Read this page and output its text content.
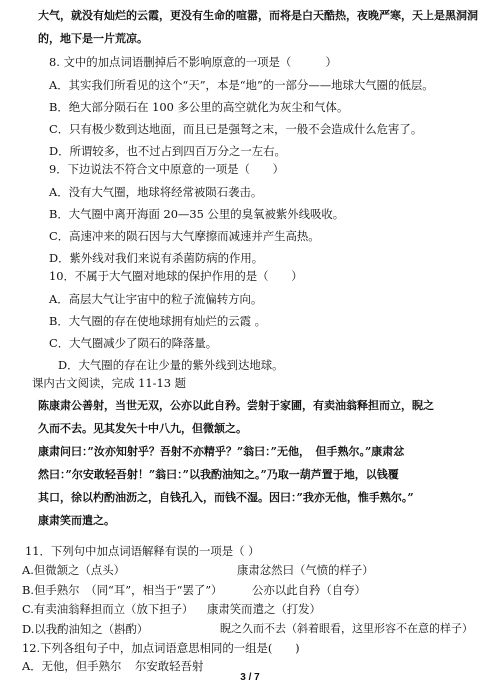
大气，就没有灿烂的云霞，更没有生命的喧嚣，而将是白天酷热，夜晚严寒，天上是黑洞洞
的，地下是一片荒凉。
8. 文中的加点词语删掉后不影响原意的一项是（　　　）
A．其实我们所看见的这个“天”，本是“地”的一部分——地球大气圈的低层。
B．绝大部分陨石在 100 多公里的高空就化为灰尘和气体。
C．只有极少数到达地面，而且已是强弩之末，一般不会造成什么危害了。
D．所谓较多，也不过占到四百万分之一左右。
9．下边说法不符合文中原意的一项是（　　）
A．没有大气圈，地球将经常被陨石袭击。
B．大气圈中离开海面 20—35 公里的臭氧被紫外线吸收。
C．高速冲来的陨石因与大气摩擦而减速并产生高热。
D．紫外线对我们来说有杀菌防病的作用。
10．不属于大气圈对地球的保护作用的是（　　）
A．高层大气让宇宙中的粒子流偏转方向。
B．大气圈的存在使地球拥有灿烂的云霞 。
C．大气圈减少了陨石的降落量。
D．大气圈的存在让少量的紫外线到达地球。
课内古文阅读，完成 11-13 题
陈康肃公善射，当世无双，公亦以此自矜。尝射于家圃，有卖油翁释担而立，睨之
久而不去。见其发矢十中八九，但微颔之。
康肃问曰：”汝亦知射乎？吾射不亦精乎？”翁曰：”无他，　但手熟尔。”康肃忿
然曰：”尔安敢轻吾射！”翁曰：”以我酌油知之。”乃取一葫芦置于地，以钱覆
其口，徐以杓酌油沥之，自钱孔入，而钱不湿。因曰：”我亦无他，惟手熟尔。”
康肃笑而遣之。
11．下列句中加点词语解释有误的一项是（ ）
A.但微颔之（点头）	康肃忿然曰（气愤的样子）
B.但手熟尔　（同“耳”，相当于“罢了”）	公亦以此自矜（自夸）
C.有卖油翁释担而立（放下担子） 康肃笑而遣之（打发）
D.以我酌油知之（斟酌）	睨之久而不去（斜着眼看，这里形容不在意的样子）
12.下列各组句子中，加点词语意思相同的一组是(　　)
A．无他，但手熟尔 尔安敢轻吾射
3 / 7
